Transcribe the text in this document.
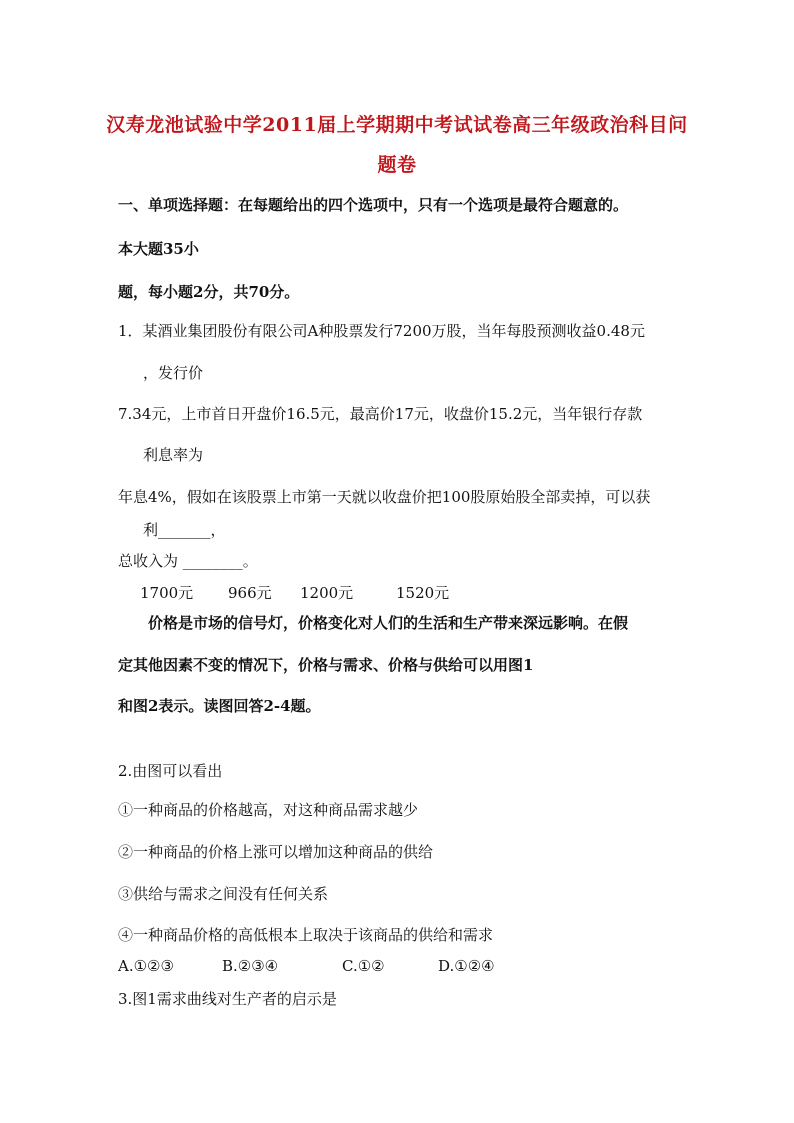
汉寿龙池试验中学2011届上学期期中考试试卷高三年级政治科目问
题卷
一、单项选择题：在每题给出的四个选项中，只有一个选项是最符合题意的。
本大题35小
题，每小题2分，共70分。
1．某酒业集团股份有限公司A种股票发行7200万股，当年每股预测收益0.48元
，发行价
7.34元，上市首日开盘价16.5元，最高价17元，收盘价15.2元，当年银行存款
利息率为
年息4%，假如在该股票上市第一天就以收盘价把100股原始股全部卖掉，可以获
利_______，
总收入为 ________。
1700元 966元 1200元	1520元
价格是市场的信号灯，价格变化对人们的生活和生产带来深远影响。在假
定其他因素不变的情况下，价格与需求、价格与供给可以用图1
和图2表示。读图回答2-4题。
2.由图可以看出
①一种商品的价格越高，对这种商品需求越少
②一种商品的价格上涨可以增加这种商品的供给
③供给与需求之间没有任何关系
④一种商品价格的高低根本上取决于该商品的供给和需求
A.①②③	B.②③④	C.①②	D.①②④
3.图1需求曲线对生产者的启示是
